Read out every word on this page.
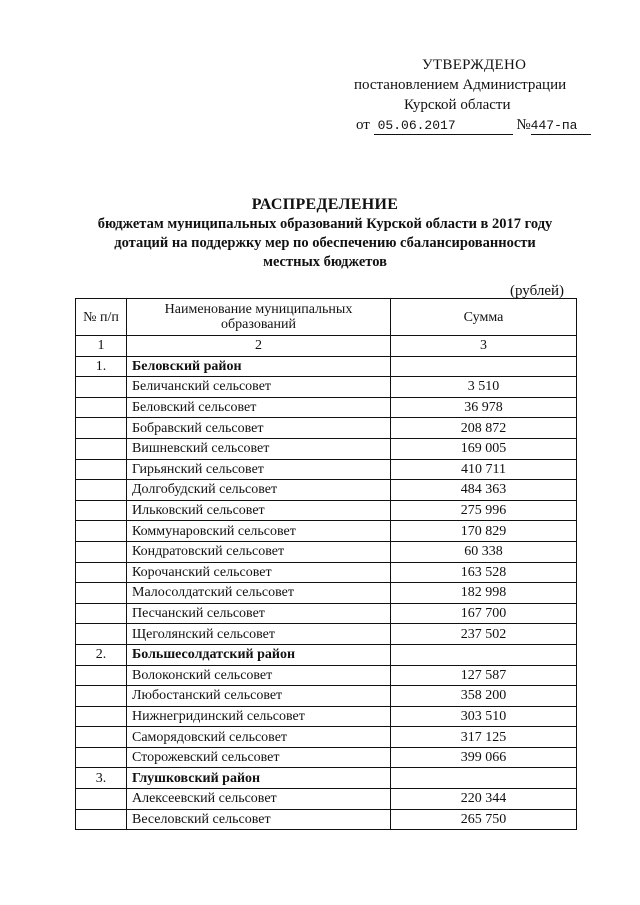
УТВЕРЖДЕНО
постановлением Администрации
Курской области
от 05.06.2017	№447-па
РАСПРЕДЕЛЕНИЕ
бюджетам муниципальных образований Курской области в 2017 году
дотаций на поддержку мер по обеспечению сбалансированности
местных бюджетов
(рублей)
№ п/п	Наименование муниципальных образований	Сумма
1	2	3
1.	Беловский район	
	Беличанский сельсовет	3 510
	Беловский сельсовет	36 978
	Бобравский сельсовет	208 872
	Вишневский сельсовет	169 005
	Гирьянский сельсовет	410 711
	Долгобудский сельсовет	484 363
	Ильковский сельсовет	275 996
	Коммунаровский сельсовет	170 829
	Кондратовский сельсовет	60 338
	Корочанский сельсовет	163 528
	Малосолдатский сельсовет	182 998
	Песчанский сельсовет	167 700
	Щеголянский сельсовет	237 502
2.	Большесолдатский район	
	Волоконский сельсовет	127 587
	Любостанский сельсовет	358 200
	Нижнегридинский сельсовет	303 510
	Саморядовский сельсовет	317 125
	Сторожевский сельсовет	399 066
3.	Глушковский район	
	Алексеевский сельсовет	220 344
	Веселовский сельсовет	265 750
